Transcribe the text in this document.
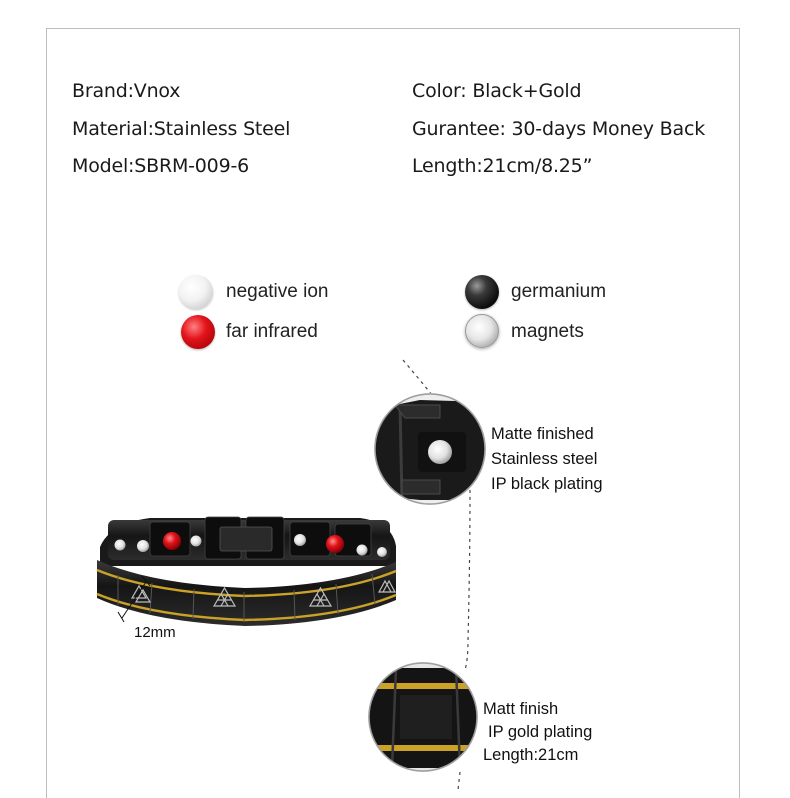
Brand:Vnox
Material:Stainless Steel
Model:SBRM-009-6
Color: Black+Gold
Gurantee: 30-days Money Back
Length:21cm/8.25”
negative ion
far infrared
germanium
magnets
Matte finished
Stainless steel
IP black plating
Matt finish
IP gold plating
Length:21cm
12mm
